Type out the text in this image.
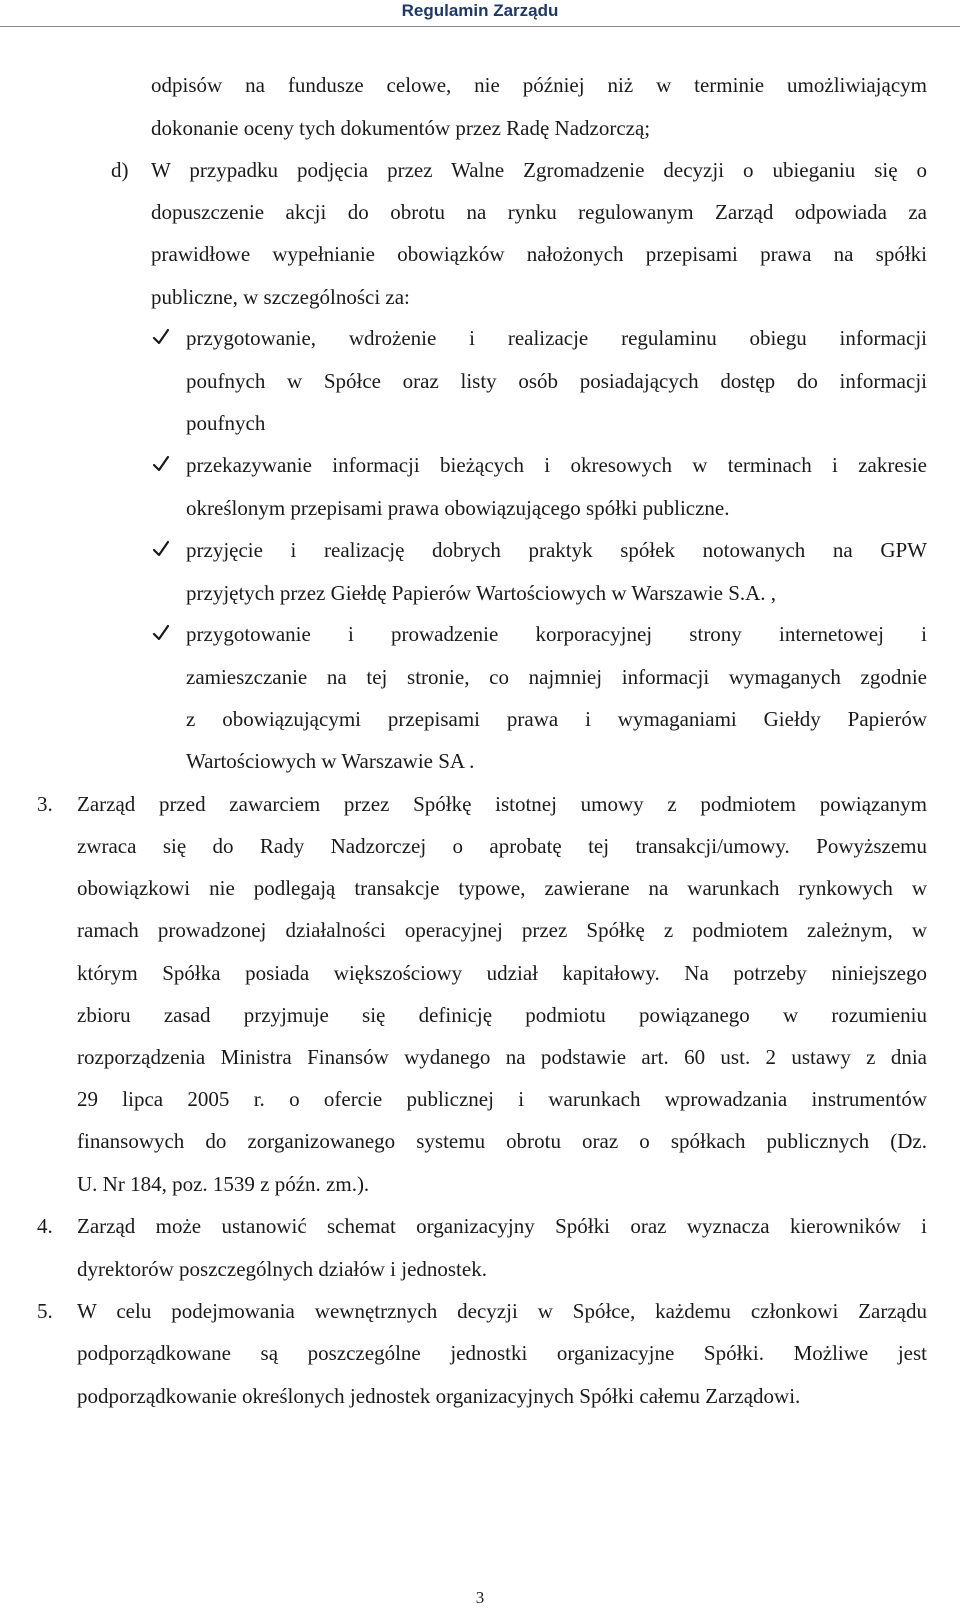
Regulamin Zarządu
odpisów na fundusze celowe, nie później niż w terminie umożliwiającym
dokonanie oceny tych dokumentów przez Radę Nadzorczą;
d) W przypadku podjęcia przez Walne Zgromadzenie decyzji o ubieganiu się o
dopuszczenie akcji do obrotu na rynku regulowanym Zarząd odpowiada za
prawidłowe wypełnianie obowiązków nałożonych przepisami prawa na spółki
publiczne, w szczególności za:
przygotowanie, wdrożenie i realizacje regulaminu obiegu informacji
poufnych w Spółce oraz listy osób posiadających dostęp do informacji
poufnych
przekazywanie informacji bieżących i okresowych w terminach i zakresie
określonym przepisami prawa obowiązującego spółki publiczne.
przyjęcie i realizację dobrych praktyk spółek notowanych na GPW
przyjętych przez Giełdę Papierów Wartościowych w Warszawie S.A. ,
przygotowanie i prowadzenie korporacyjnej strony internetowej i
zamieszczanie na tej stronie, co najmniej informacji wymaganych zgodnie
z obowiązującymi przepisami prawa i wymaganiami Giełdy Papierów
Wartościowych w Warszawie SA .
3. Zarząd przed zawarciem przez Spółkę istotnej umowy z podmiotem powiązanym
zwraca się do Rady Nadzorczej o aprobatę tej transakcji/umowy. Powyższemu
obowiązkowi nie podlegają transakcje typowe, zawierane na warunkach rynkowych w
ramach prowadzonej działalności operacyjnej przez Spółkę z podmiotem zależnym, w
którym Spółka posiada większościowy udział kapitałowy. Na potrzeby niniejszego
zbioru zasad przyjmuje się definicję podmiotu powiązanego w rozumieniu
rozporządzenia Ministra Finansów wydanego na podstawie art. 60 ust. 2 ustawy z dnia
29 lipca 2005 r. o ofercie publicznej i warunkach wprowadzania instrumentów
finansowych do zorganizowanego systemu obrotu oraz o spółkach publicznych (Dz.
U. Nr 184, poz. 1539 z późn. zm.).
4. Zarząd może ustanowić schemat organizacyjny Spółki oraz wyznacza kierowników i
dyrektorów poszczególnych działów i jednostek.
5. W celu podejmowania wewnętrznych decyzji w Spółce, każdemu członkowi Zarządu
podporządkowane są poszczególne jednostki organizacyjne Spółki. Możliwe jest
podporządkowanie określonych jednostek organizacyjnych Spółki całemu Zarządowi.
3
